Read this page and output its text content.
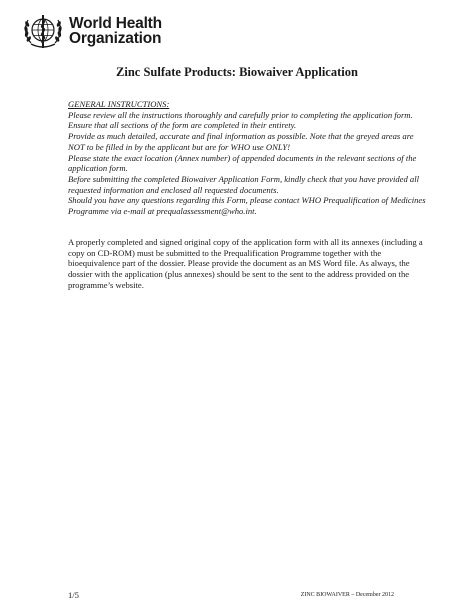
World Health
Organization
Zinc Sulfate Products: Biowaiver Application

GENERAL INSTRUCTIONS:

Please review all the instructions thoroughly and carefully prior to completing the application form. Ensure that all sections of the form are completed in their entirety.

Provide as much detailed, accurate and final information as possible. Note that the greyed areas are NOT to be filled in by the applicant but are for WHO use ONLY!

Please state the exact location (Annex number) of appended documents in the relevant sections of the application form.

Before submitting the completed Biowaiver Application Form, kindly check that you have provided all requested information and enclosed all requested documents.

Should you have any questions regarding this Form, please contact WHO Prequalification of Medicines Programme via e-mail at prequalassessment@who.int.

A properly completed and signed original copy of the application form with all its annexes (including a copy on CD-ROM) must be submitted to the Prequalification Programme together with the bioequivalence part of the dossier. Please provide the document as an MS Word file. As always, the dossier with the application (plus annexes) should be sent to the sent to the address provided on the programme’s website.

1/5	ZINC BIOWAIVER – December 2012
